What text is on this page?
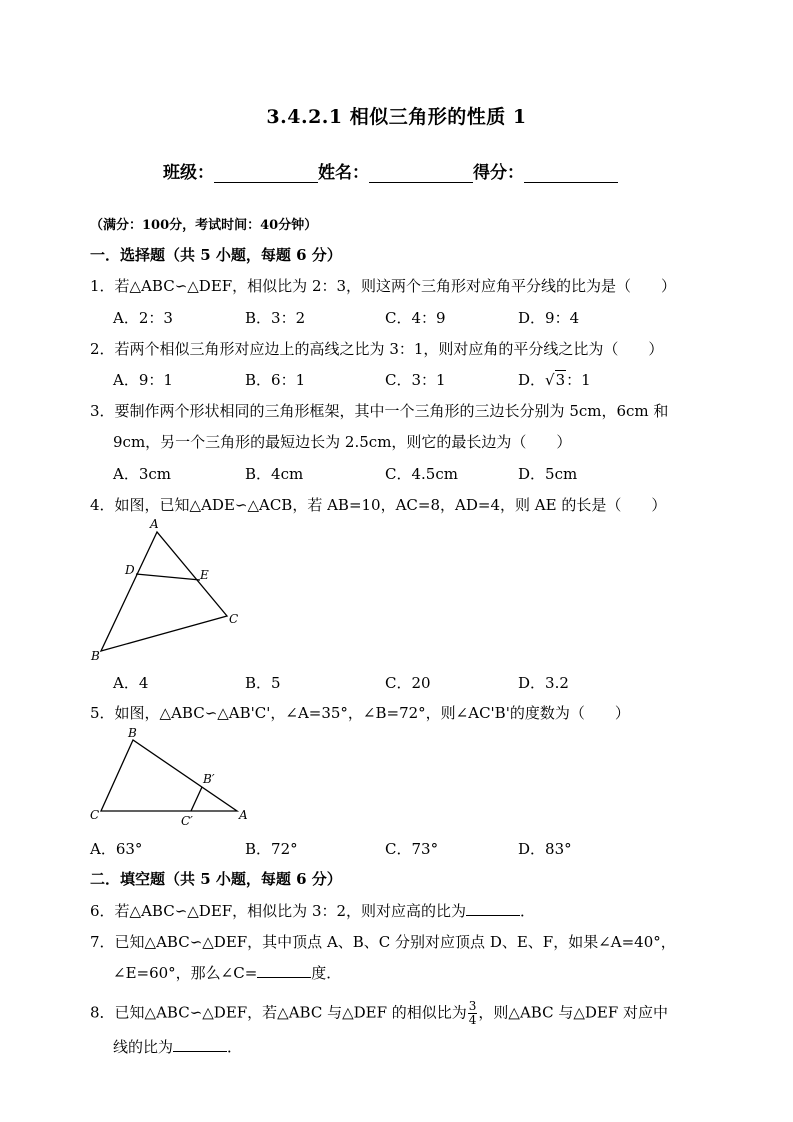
3.4.2.1 相似三角形的性质 1
班级：	姓名：	得分：
（满分：100分，考试时间：40分钟）
一．选择题（共 5 小题，每题 6 分）
1．若△ABC∽△DEF，相似比为 2：3，则这两个三角形对应角平分线的比为是（　　）
A．2：3	B．3：2	C．4：9	D．9：4
2．若两个相似三角形对应边上的高线之比为 3：1，则对应角的平分线之比为（　　）
A．9：1	B．6：1	C．3：1	D．√3：1
3．要制作两个形状相同的三角形框架，其中一个三角形的三边长分别为 5cm，6cm 和
9cm，另一个三角形的最短边长为 2.5cm，则它的最长边为（　　）
A．3cm	B．4cm	C．4.5cm	D．5cm
4．如图，已知△ADE∽△ACB，若 AB=10，AC=8，AD=4，则 AE 的长是（　　）
A
D	E
C
B
A．4	B．5	C．20	D．3.2
5．如图，△ABC∽△AB'C'，∠A=35°，∠B=72°，则∠AC'B'的度数为（　　）
B
B′
C	C′	A
A．63°	B．72°	C．73°	D．83°
二．填空题（共 5 小题，每题 6 分）
6．若△ABC∽△DEF，相似比为 3：2，则对应高的比为	．
7．已知△ABC∽△DEF，其中顶点 A、B、C 分别对应顶点 D、E、F，如果∠A=40°，
∠E=60°，那么∠C=	度．
8．已知△ABC∽△DEF，若△ABC 与△DEF 的相似比为 $\frac{3}{4}$ ，则△ABC 与△DEF 对应中
线的比为	．
